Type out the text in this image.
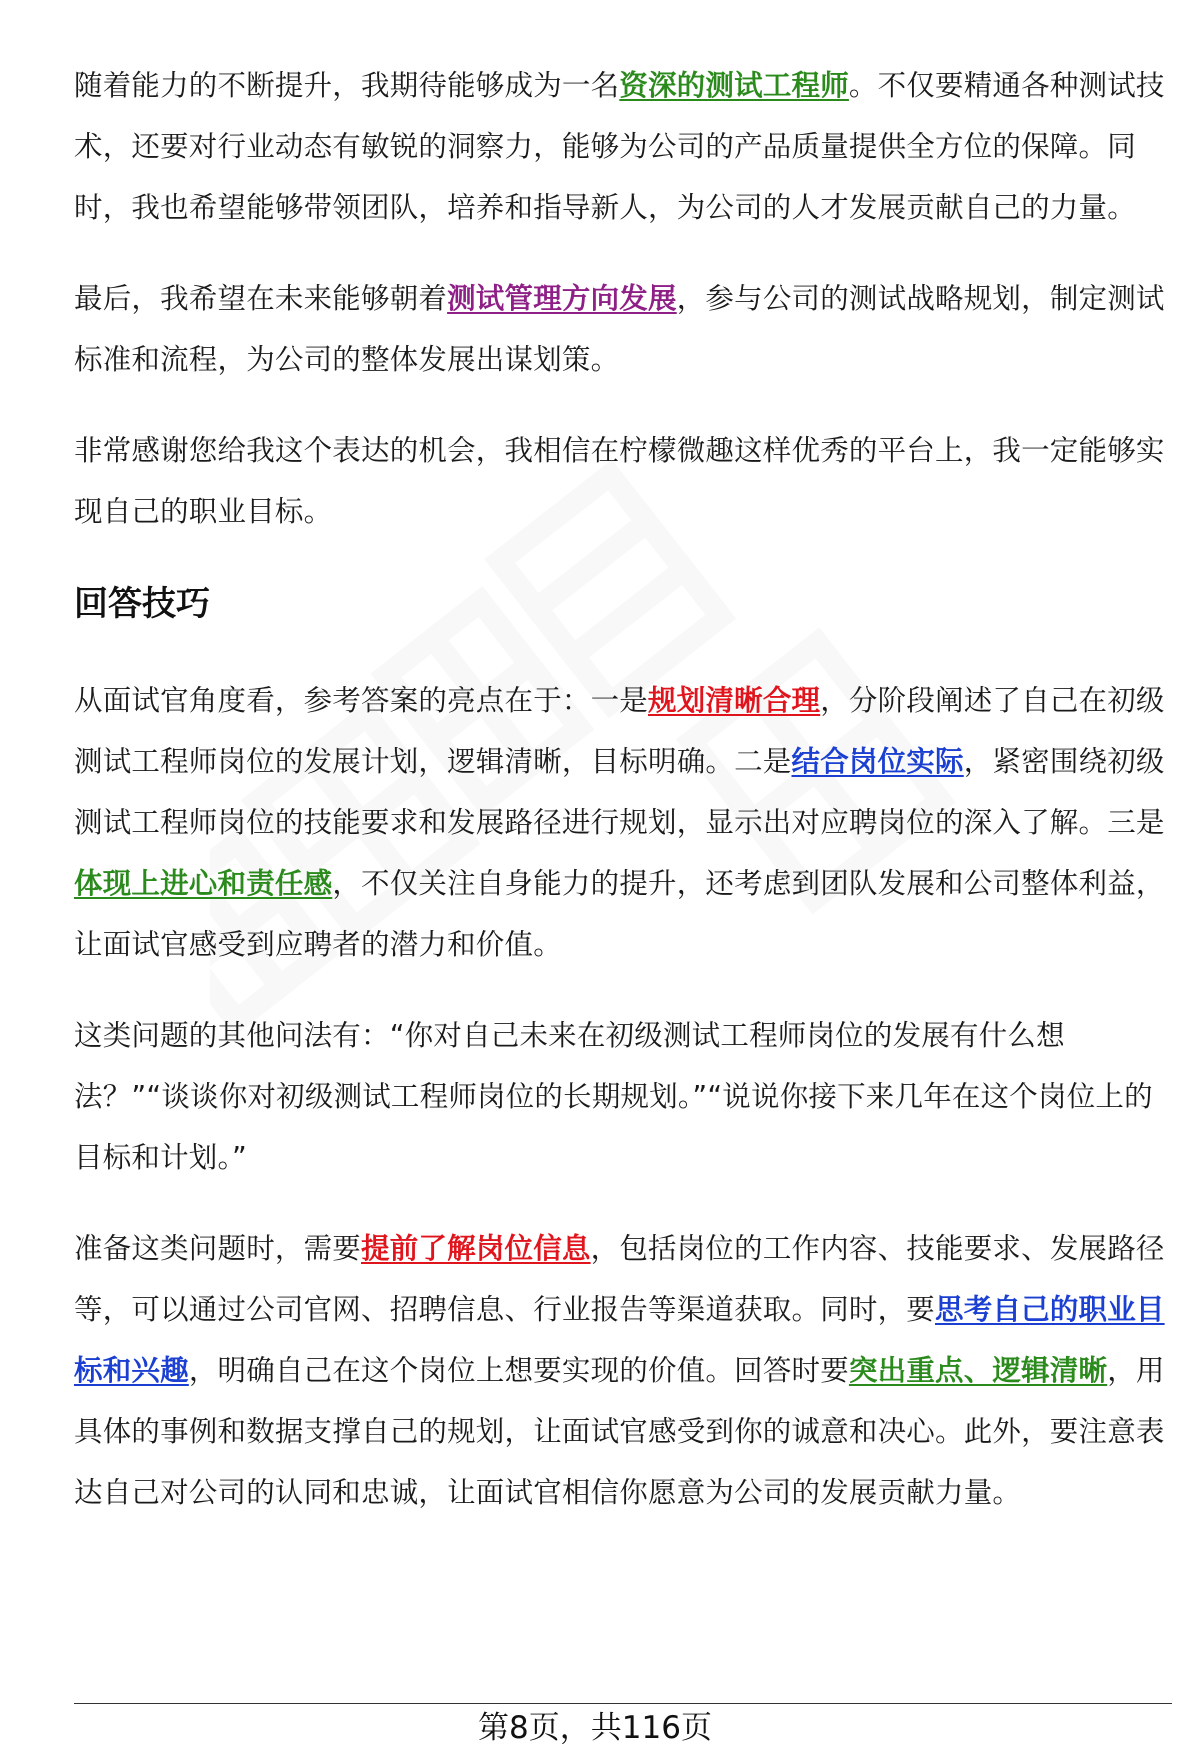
随着能力的不断提升，我期待能够成为一名资深的测试工程师。不仅要精通各种测试技术，还要对行业动态有敏锐的洞察力，能够为公司的产品质量提供全方位的保障。同时，我也希望能够带领团队，培养和指导新人，为公司的人才发展贡献自己的力量。

最后，我希望在未来能够朝着测试管理方向发展，参与公司的测试战略规划，制定测试标准和流程，为公司的整体发展出谋划策。

非常感谢您给我这个表达的机会，我相信在柠檬微趣这样优秀的平台上，我一定能够实现自己的职业目标。

回答技巧

从面试官角度看，参考答案的亮点在于：一是规划清晰合理，分阶段阐述了自己在初级测试工程师岗位的发展计划，逻辑清晰，目标明确。二是结合岗位实际，紧密围绕初级测试工程师岗位的技能要求和发展路径进行规划，显示出对应聘岗位的深入了解。三是体现上进心和责任感，不仅关注自身能力的提升，还考虑到团队发展和公司整体利益，让面试官感受到应聘者的潜力和价值。

这类问题的其他问法有：“你对自己未来在初级测试工程师岗位的发展有什么想法？”“谈谈你对初级测试工程师岗位的长期规划。”“说说你接下来几年在这个岗位上的目标和计划。”

准备这类问题时，需要提前了解岗位信息，包括岗位的工作内容、技能要求、发展路径等，可以通过公司官网、招聘信息、行业报告等渠道获取。同时，要思考自己的职业目标和兴趣，明确自己在这个岗位上想要实现的价值。回答时要突出重点、逻辑清晰，用具体的事例和数据支撑自己的规划，让面试官感受到你的诚意和决心。此外，要注意表达自己对公司的认同和忠诚，让面试官相信你愿意为公司的发展贡献力量。

第8页，共116页
